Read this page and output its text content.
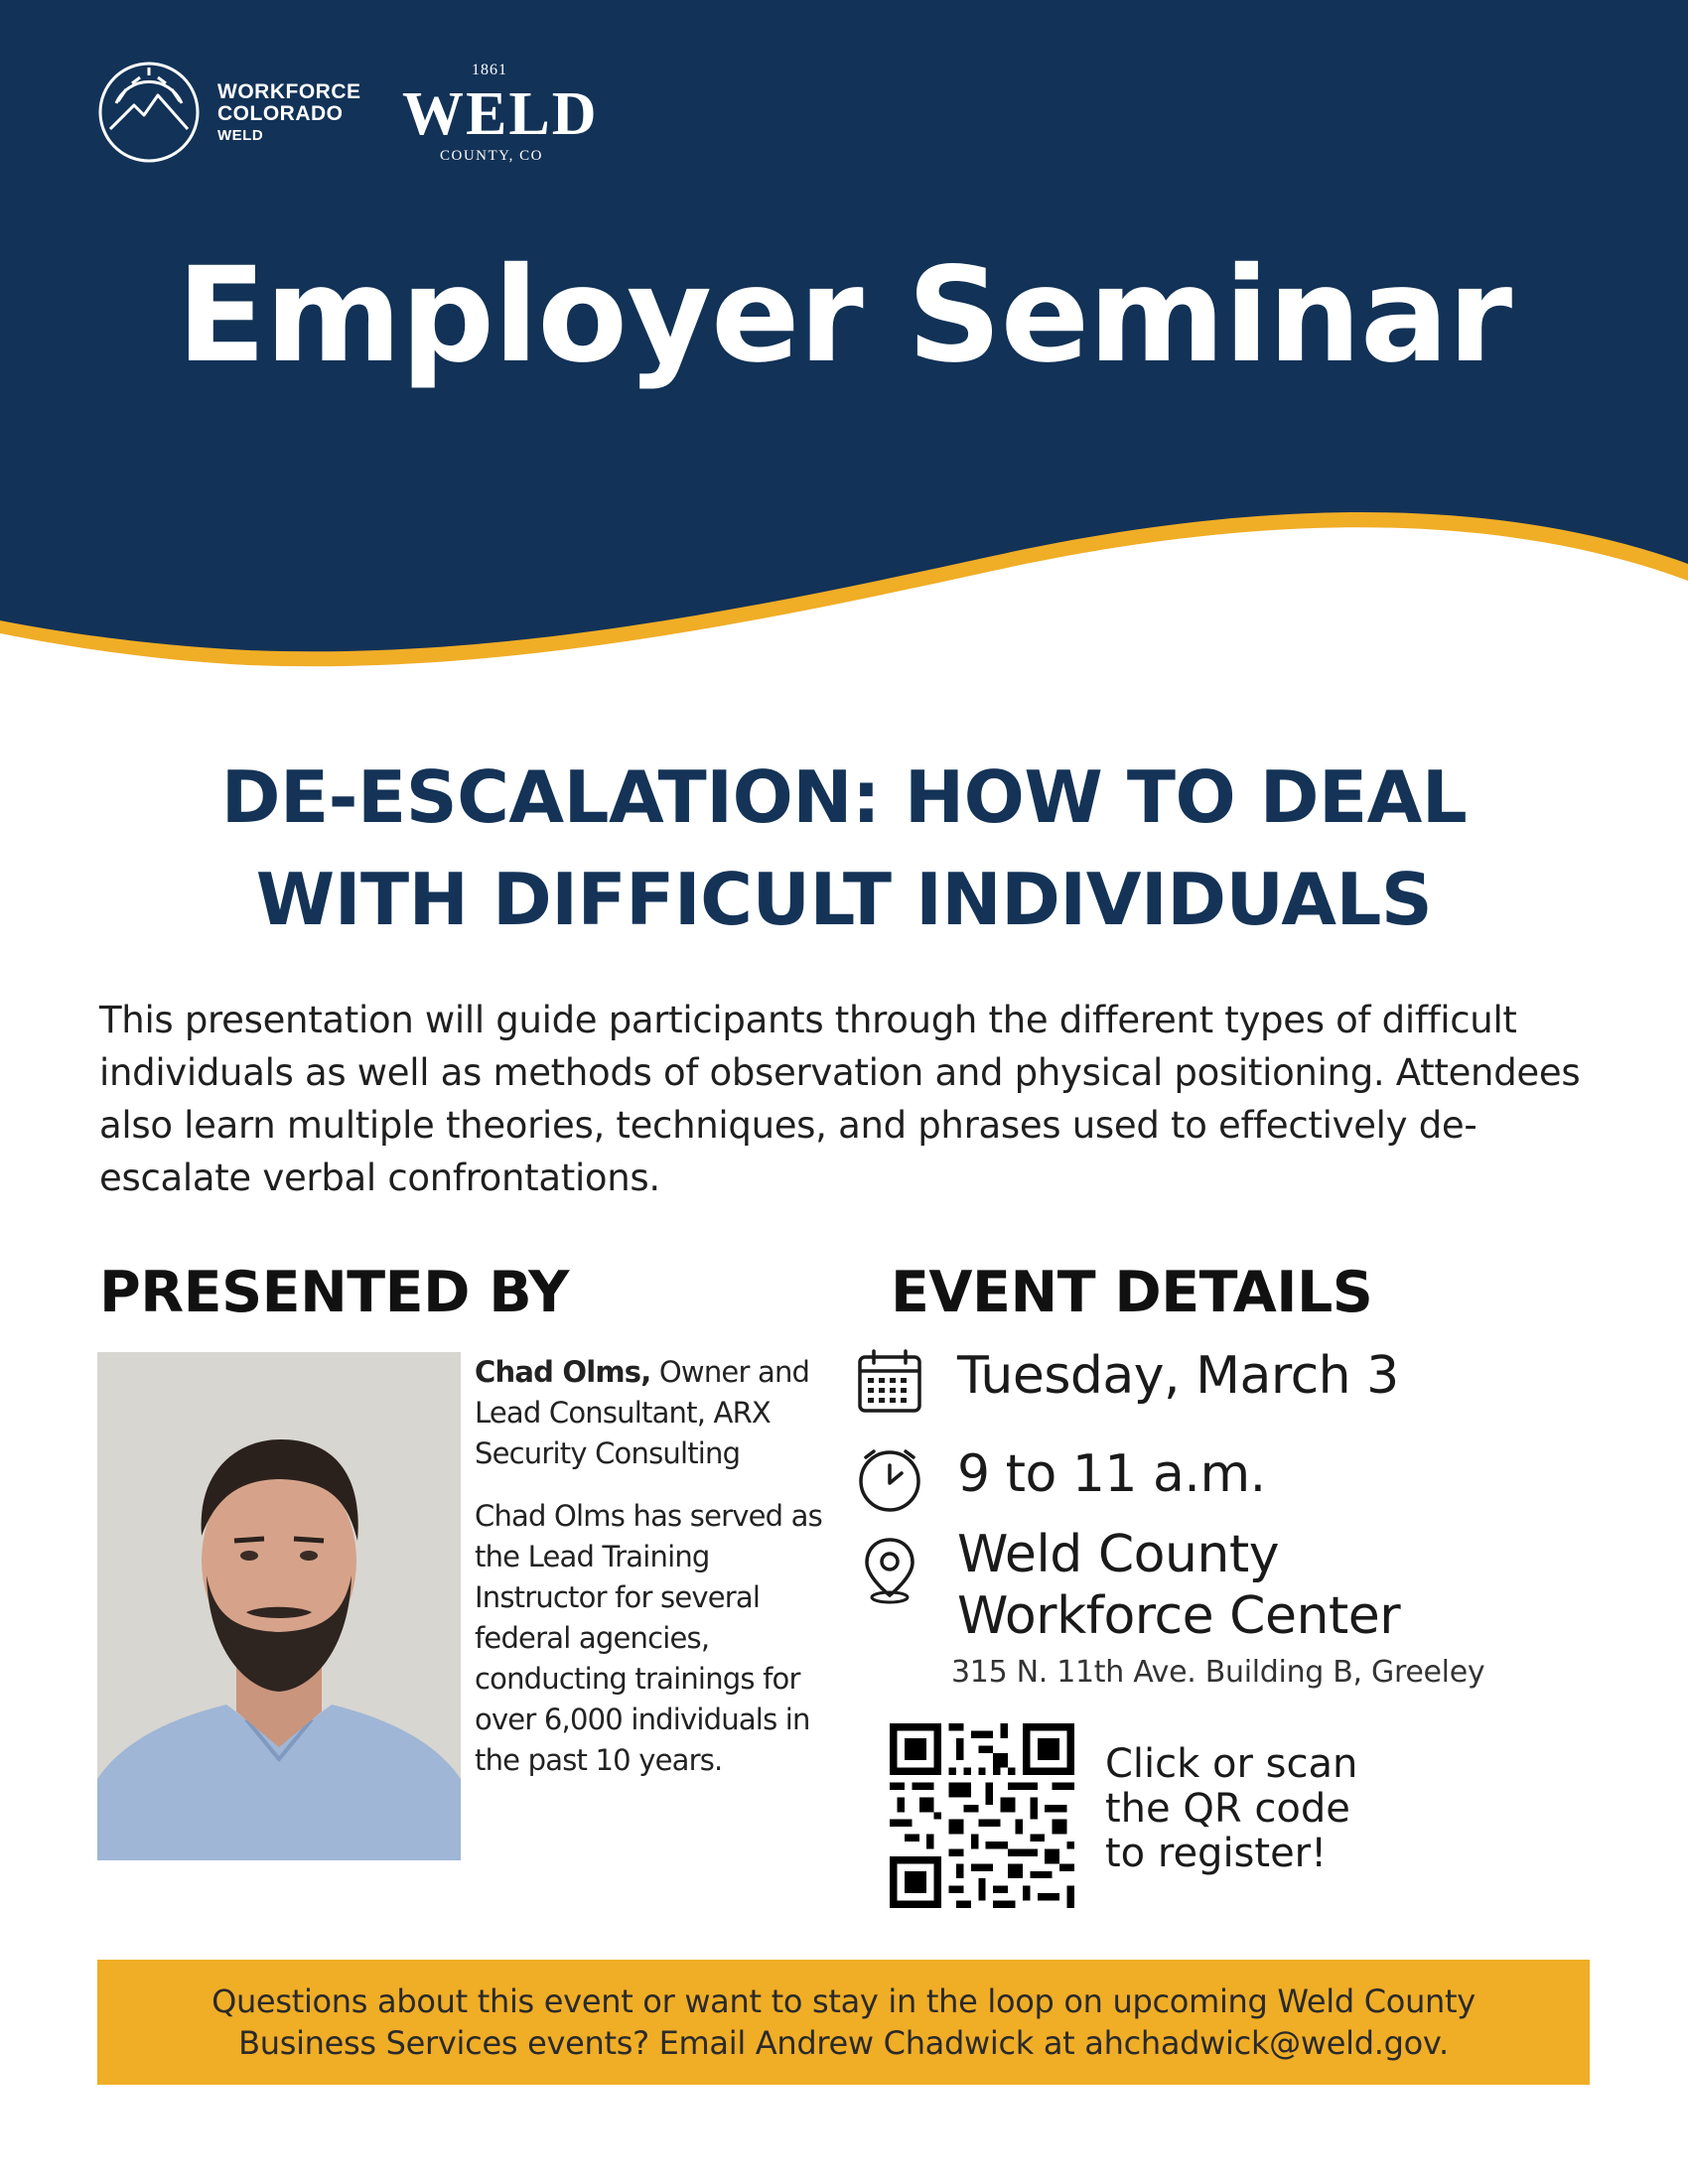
WORKFORCE
COLORADO
WELD
1861
WELD
COUNTY, CO
Employer Seminar
DE-ESCALATION: HOW TO DEAL
WITH DIFFICULT INDIVIDUALS
This presentation will guide participants through the different types of difficult individuals as well as methods of observation and physical positioning. Attendees also learn multiple theories, techniques, and phrases used to effectively de-escalate verbal confrontations.
PRESENTED BY

Chad Olms, Owner and Lead Consultant, ARX Security Consulting

Chad Olms has served as the Lead Training Instructor for several federal agencies, conducting trainings for over 6,000 individuals in the past 10 years.

EVENT DETAILS
Tuesday, March 3
9 to 11 a.m.
Weld County
Workforce Center
315 N. 11th Ave. Building B, Greeley
Click or scan
the QR code
to register!
Questions about this event or want to stay in the loop on upcoming Weld County
Business Services events? Email Andrew Chadwick at ahchadwick@weld.gov.
